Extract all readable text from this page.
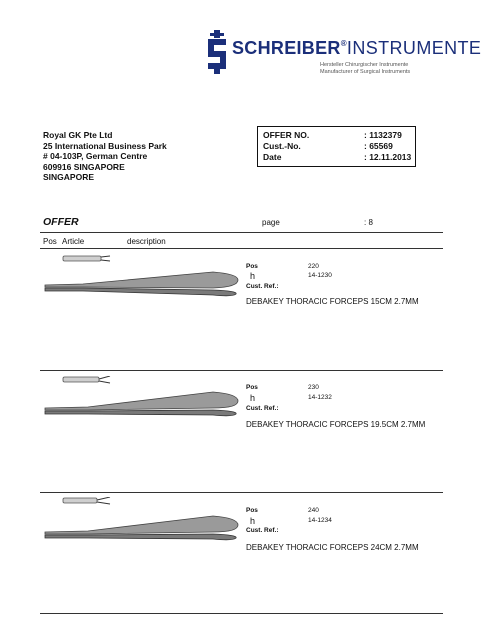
SCHREIBER®INSTRUMENTE
Hersteller Chirurgischer Instrumente
Manufacturer of Surgical Instruments
Royal GK Pte Ltd
25 International Business Park
# 04-103P, German Centre
609916 SINGAPORE
SINGAPORE
OFFER NO.	: 1132379
Cust.-No.	: 65569
Date	: 12.11.2013
OFFER	page	: 8
Pos Article	description
Pos	220
h	14-1230
Cust. Ref.:
DEBAKEY THORACIC FORCEPS 15CM 2.7MM
Pos	230
h	14-1232
Cust. Ref.:
DEBAKEY THORACIC FORCEPS 19.5CM 2.7MM
Pos	240
h	14-1234
Cust. Ref.:
DEBAKEY THORACIC FORCEPS 24CM 2.7MM
